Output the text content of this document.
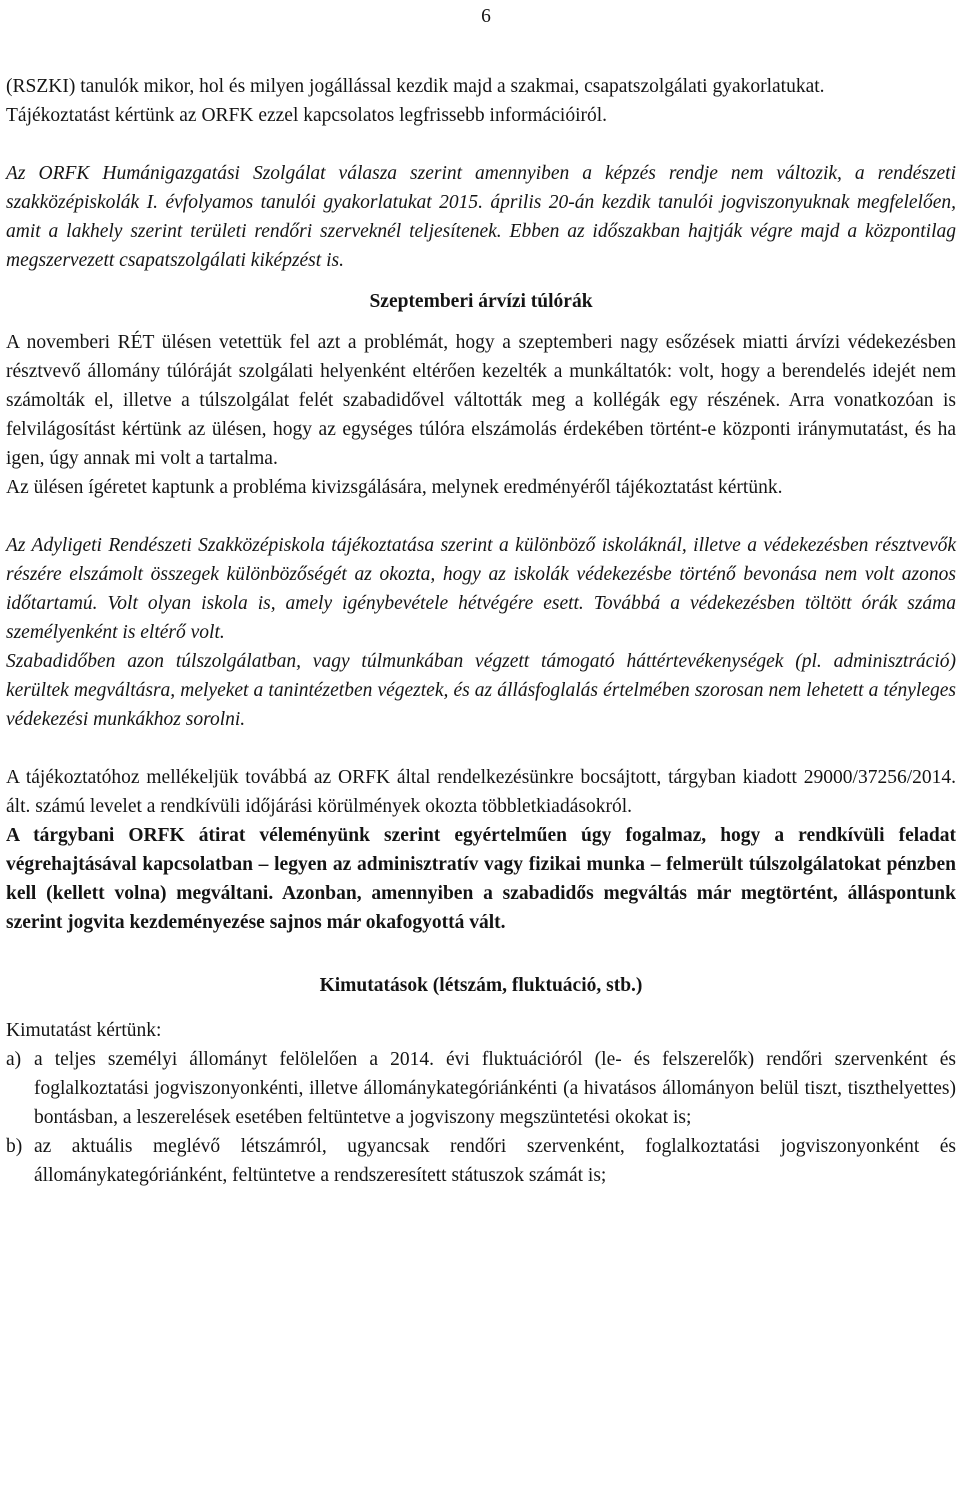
6

(RSZKI) tanulók mikor, hol és milyen jogállással kezdik majd a szakmai, csapatszolgálati gyakorlatukat.

Tájékoztatást kértünk az ORFK ezzel kapcsolatos legfrissebb információiról.

Az ORFK Humánigazgatási Szolgálat válasza szerint amennyiben a képzés rendje nem változik, a rendészeti szakközépiskolák I. évfolyamos tanulói gyakorlatukat 2015. április 20-án kezdik tanulói jogviszonyuknak megfelelően, amit a lakhely szerint területi rendőri szerveknél teljesítenek. Ebben az időszakban hajtják végre majd a központilag megszervezett csapatszolgálati kiképzést is.

Szeptemberi árvízi túlórák

A novemberi RÉT ülésen vetettük fel azt a problémát, hogy a szeptemberi nagy esőzések miatti árvízi védekezésben résztvevő állomány túlóráját szolgálati helyenként eltérően kezelték a munkáltatók: volt, hogy a berendelés idejét nem számolták el, illetve a túlszolgálat felét szabadidővel váltották meg a kollégák egy részének. Arra vonatkozóan is felvilágosítást kértünk az ülésen, hogy az egységes túlóra elszámolás érdekében történt-e központi iránymutatást, és ha igen, úgy annak mi volt a tartalma.

Az ülésen ígéretet kaptunk a probléma kivizsgálására, melynek eredményéről tájékoztatást kértünk.

Az Adyligeti Rendészeti Szakközépiskola tájékoztatása szerint a különböző iskoláknál, illetve a védekezésben résztvevők részére elszámolt összegek különbözőségét az okozta, hogy az iskolák védekezésbe történő bevonása nem volt azonos időtartamú. Volt olyan iskola is, amely igénybevétele hétvégére esett. Továbbá a védekezésben töltött órák száma személyenként is eltérő volt.

Szabadidőben azon túlszolgálatban, vagy túlmunkában végzett támogató háttértevékenységek (pl. adminisztráció) kerültek megváltásra, melyeket a tanintézetben végeztek, és az állásfoglalás értelmében szorosan nem lehetett a tényleges védekezési munkákhoz sorolni.

A tájékoztatóhoz mellékeljük továbbá az ORFK által rendelkezésünkre bocsájtott, tárgyban kiadott 29000/37256/2014. ált. számú levelet a rendkívüli időjárási körülmények okozta többletkiadásokról.

A tárgybani ORFK átirat véleményünk szerint egyértelműen úgy fogalmaz, hogy a rendkívüli feladat végrehajtásával kapcsolatban – legyen az adminisztratív vagy fizikai munka – felmerült túlszolgálatokat pénzben kell (kellett volna) megváltani. Azonban, amennyiben a szabadidős megváltás már megtörtént, álláspontunk szerint jogvita kezdeményezése sajnos már okafogyottá vált.

Kimutatások (létszám, fluktuáció, stb.)

Kimutatást kértünk:

a) a teljes személyi állományt felölelően a 2014. évi fluktuációról (le- és felszerelők) rendőri szervenként és foglalkoztatási jogviszonyonkénti, illetve állománykategóriánkénti (a hivatásos állományon belül tiszt, tiszthelyettes) bontásban, a leszerelések esetében feltüntetve a jogviszony megszüntetési okokat is;
b) az aktuális meglévő létszámról, ugyancsak rendőri szervenként, foglalkoztatási jogviszonyonként és állománykategóriánként, feltüntetve a rendszeresített státuszok számát is;
